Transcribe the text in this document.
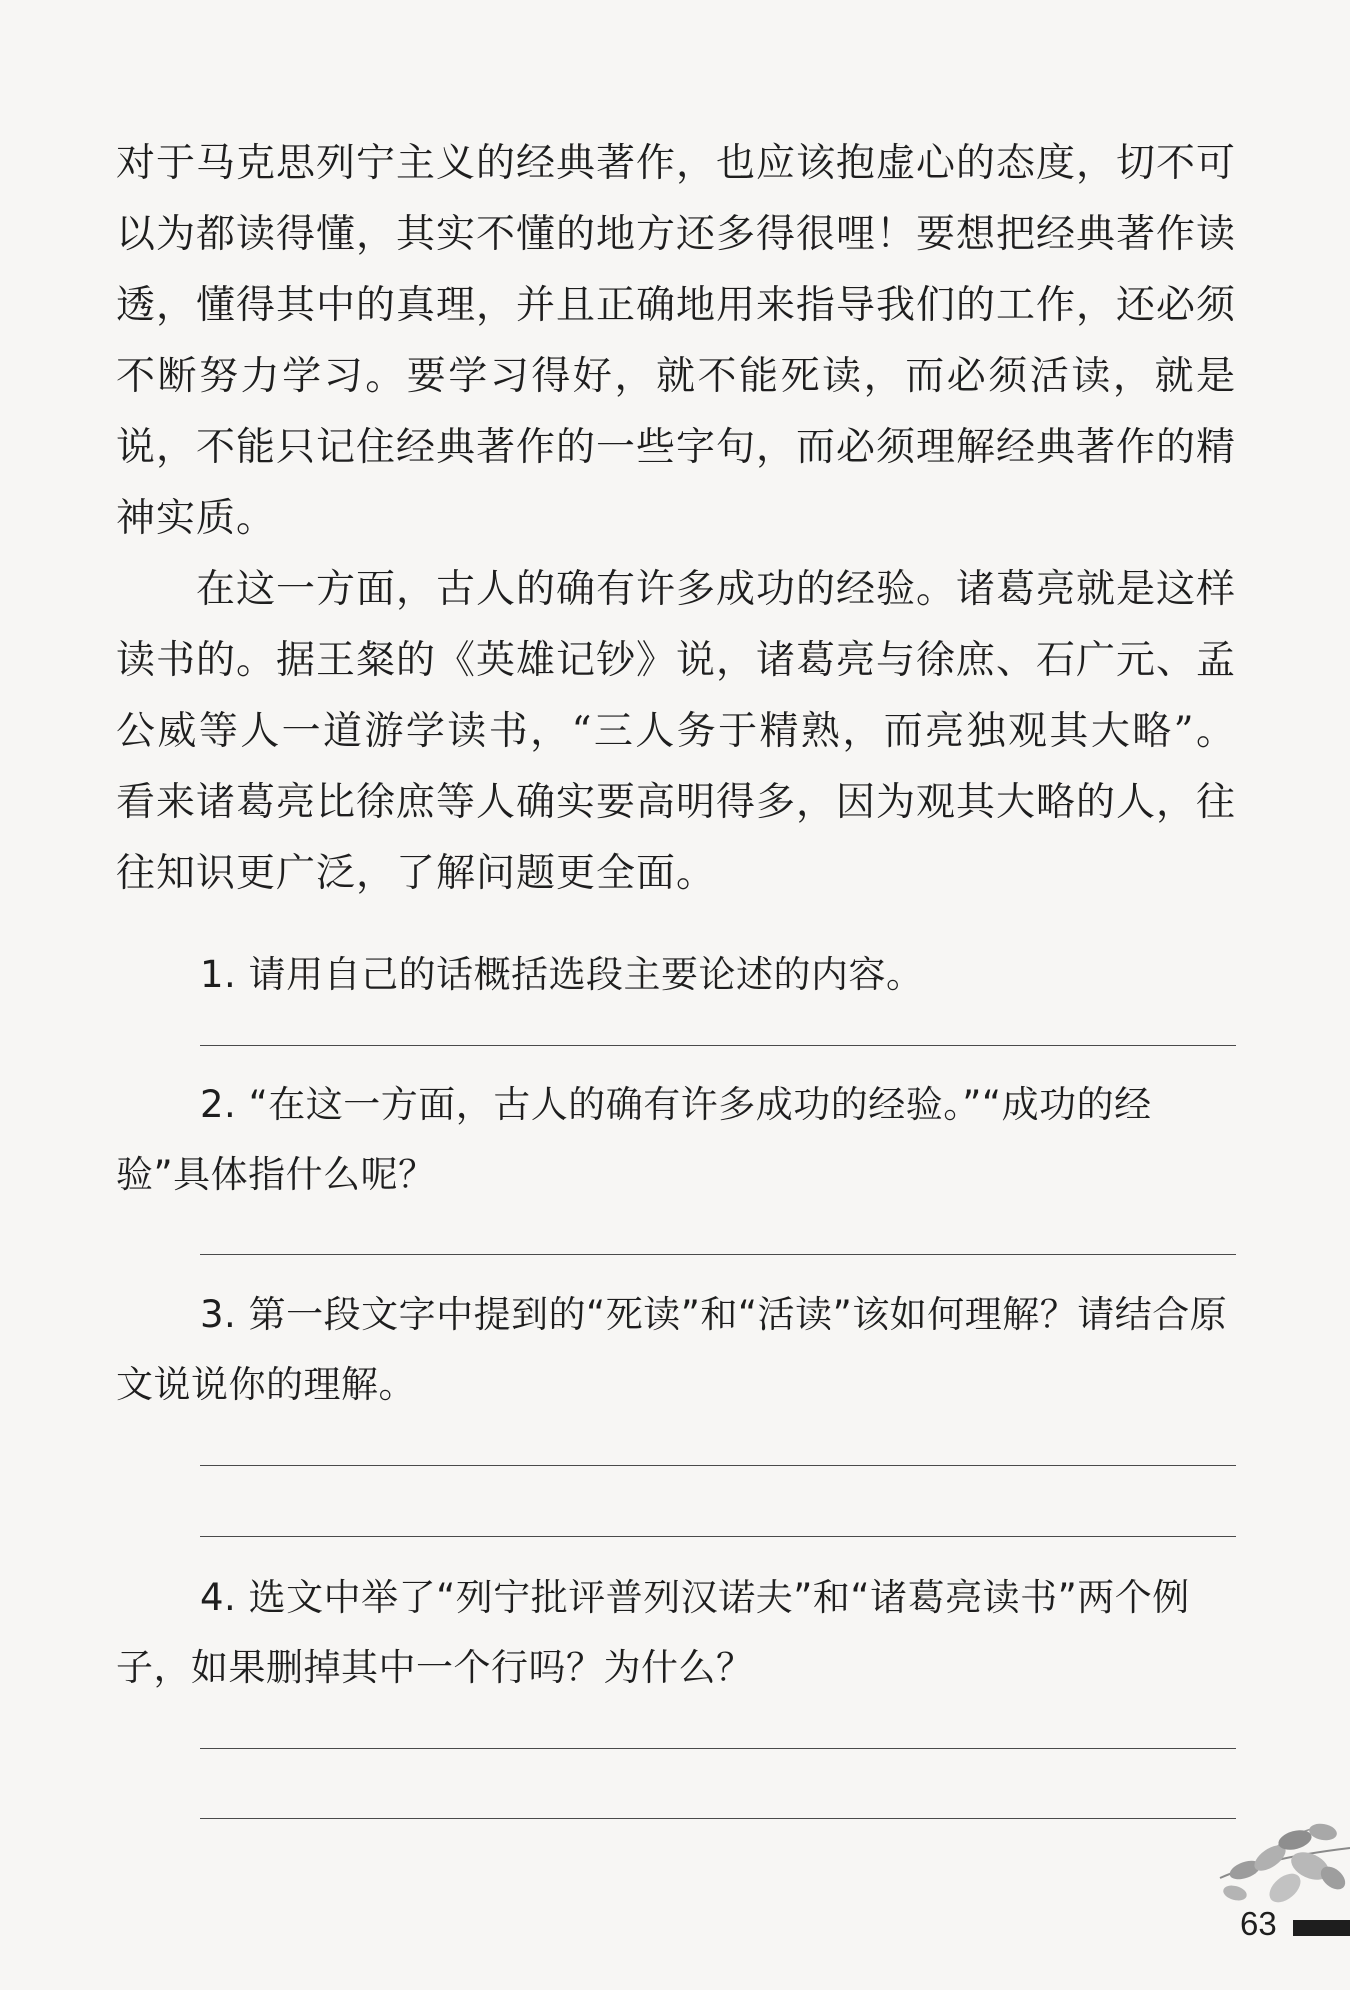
对于马克思列宁主义的经典著作，也应该抱虚心的态度，切不可以为都读得懂，其实不懂的地方还多得很哩！要想把经典著作读透，懂得其中的真理，并且正确地用来指导我们的工作，还必须不断努力学习。要学习得好，就不能死读，而必须活读，就是说，不能只记住经典著作的一些字句，而必须理解经典著作的精神实质。

在这一方面，古人的确有许多成功的经验。诸葛亮就是这样读书的。据王粲的《英雄记钞》说，诸葛亮与徐庶、石广元、孟公威等人一道游学读书，“三人务于精熟，而亮独观其大略”。看来诸葛亮比徐庶等人确实要高明得多，因为观其大略的人，往往知识更广泛，了解问题更全面。

1. 请用自己的话概括选段主要论述的内容。

2. “在这一方面，古人的确有许多成功的经验。”“成功的经验”具体指什么呢？

3. 第一段文字中提到的“死读”和“活读”该如何理解？请结合原文说说你的理解。

4. 选文中举了“列宁批评普列汉诺夫”和“诸葛亮读书”两个例子，如果删掉其中一个行吗？为什么？

63
